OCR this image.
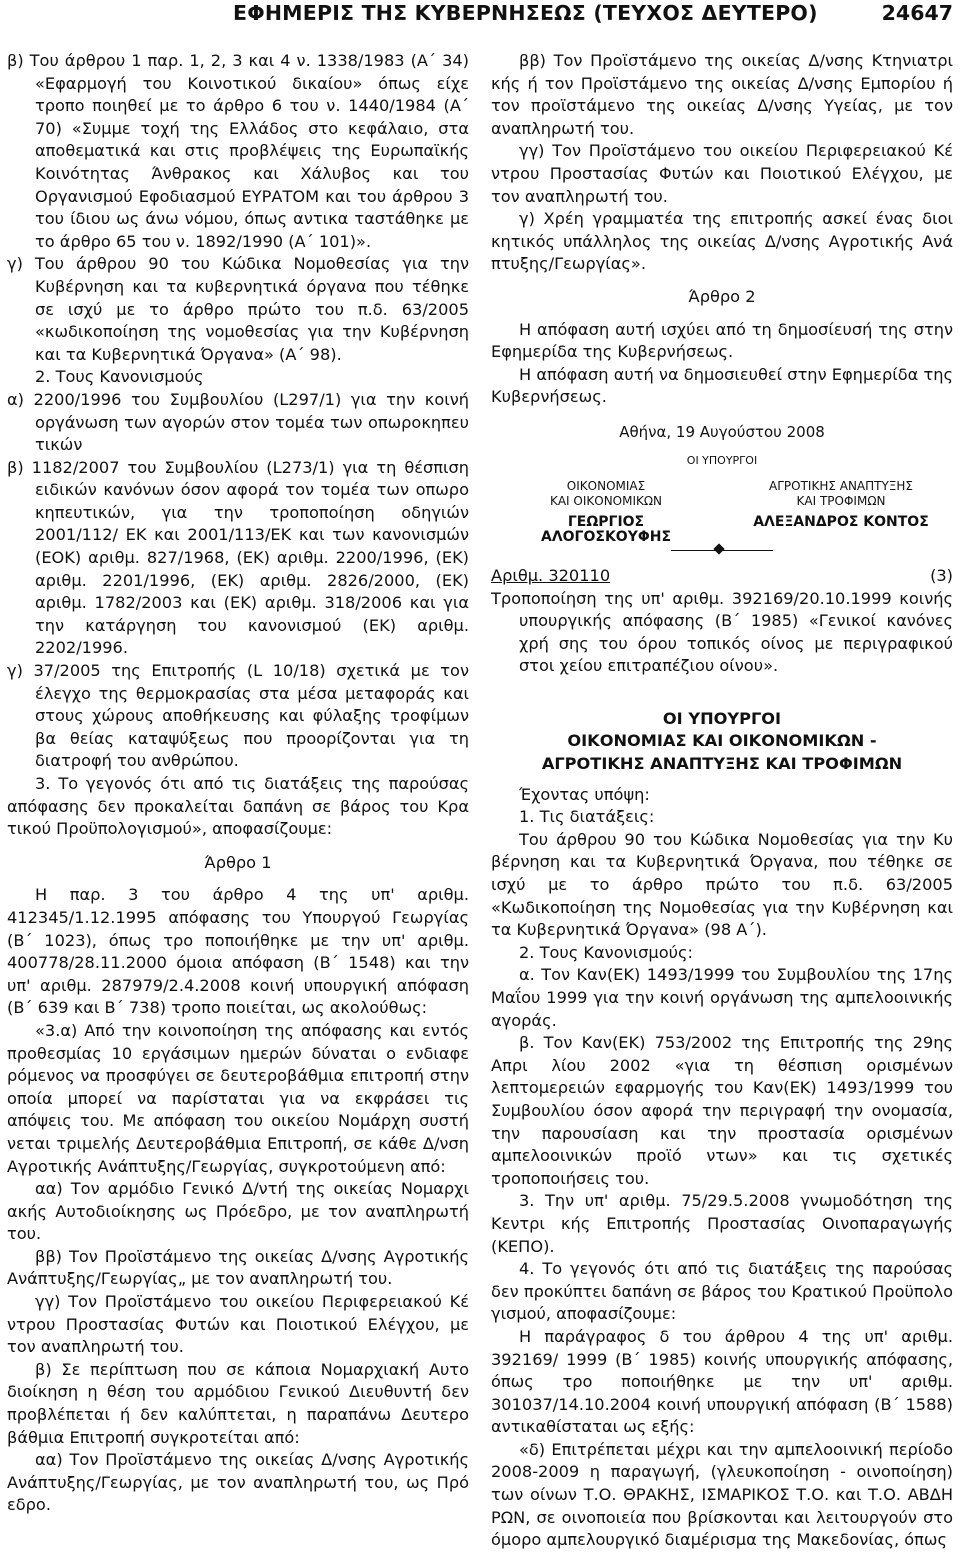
ΕΦΗΜΕΡΙΣ ΤΗΣ ΚΥΒΕΡΝΗΣΕΩΣ (ΤΕΥΧΟΣ ΔΕΥΤΕΡΟ)	24647
β) Του άρθρου 1 παρ. 1, 2, 3 και 4 ν. 1338/1983 (Α΄ 34) «Εφαρμογή του Κοινοτικού δικαίου» όπως είχε τροπο ποιηθεί με το άρθρο 6 του ν. 1440/1984 (Α΄ 70) «Συμμε τοχή της Ελλάδος στο κεφάλαιο, στα αποθεματικά και στις προβλέψεις της Ευρωπαϊκής Κοινότητας Άνθρακος και Χάλυβος και του Οργανισμού Εφοδιασμού ΕΥΡΑΤΟΜ και του άρθρου 3 του ίδιου ως άνω νόμου, όπως αντικα ταστάθηκε με το άρθρο 65 του ν. 1892/1990 (Α΄ 101)».
γ) Του άρθρου 90 του Κώδικα Νομοθεσίας για την Κυβέρνηση και τα κυβερνητικά όργανα που τέθηκε σε ισχύ με το άρθρο πρώτο του π.δ. 63/2005 «κωδικοποίηση της νομοθεσίας για την Κυβέρνηση και τα Κυβερνητικά Όργανα» (Α΄ 98).
2. Τους Κανονισμούς
α) 2200/1996 του Συμβουλίου (L297/1) για την κοινή οργάνωση των αγορών στον τομέα των οπωροκηπευ τικών
β) 1182/2007 του Συμβουλίου (L273/1) για τη θέσπιση ειδικών κανόνων όσον αφορά τον τομέα των οπωρο κηπευτικών, για την τροποποίηση οδηγιών 2001/112/ ΕΚ και 2001/113/ΕΚ και των κανονισμών (ΕΟΚ) αριθμ. 827/1968, (ΕΚ) αριθμ. 2200/1996, (ΕΚ) αριθμ. 2201/1996, (ΕΚ) αριθμ. 2826/2000, (ΕΚ) αριθμ. 1782/2003 και (ΕΚ) αριθμ. 318/2006 και για την κατάργηση του κανονισμού (ΕΚ) αριθμ. 2202/1996.
γ) 37/2005 της Επιτροπής (L 10/18) σχετικά με τον έλεγχο της θερμοκρασίας στα μέσα μεταφοράς και στους χώρους αποθήκευσης και φύλαξης τροφίμων βα θείας καταψύξεως που προορίζονται για τη διατροφή του ανθρώπου.
3. Το γεγονός ότι από τις διατάξεις της παρούσας απόφασης δεν προκαλείται δαπάνη σε βάρος του Κρα τικού Προϋπολογισμού», αποφασίζουμε:
Άρθρο 1
Η παρ. 3 του άρθρο 4 της υπ' αριθμ. 412345/1.12.1995 απόφασης του Υπουργού Γεωργίας (Β΄ 1023), όπως τρο ποποιήθηκε με την υπ' αριθμ. 400778/28.11.2000 όμοια απόφαση (Β΄ 1548) και την υπ' αριθμ. 287979/2.4.2008 κοινή υπουργική απόφαση (Β΄ 639 και Β΄ 738) τροπο ποιείται, ως ακολούθως:
«3.α) Από την κοινοποίηση της απόφασης και εντός προθεσμίας 10 εργάσιμων ημερών δύναται ο ενδιαφε ρόμενος να προσφύγει σε δευτεροβάθμια επιτροπή στην οποία μπορεί να παρίσταται για να εκφράσει τις απόψεις του. Με απόφαση του οικείου Νομάρχη συστή νεται τριμελής Δευτεροβάθμια Επιτροπή, σε κάθε Δ/νση Αγροτικής Ανάπτυξης/Γεωργίας, συγκροτούμενη από:
αα) Τον αρμόδιο Γενικό Δ/ντή της οικείας Νομαρχι ακής Αυτοδιοίκησης ως Πρόεδρο, με τον αναπληρωτή του.
ββ) Τον Προϊστάμενο της οικείας Δ/νσης Αγροτικής Ανάπτυξης/Γεωργίας„ με τον αναπληρωτή του.
γγ) Τον Προϊστάμενο του οικείου Περιφερειακού Κέ ντρου Προστασίας Φυτών και Ποιοτικού Ελέγχου, με τον αναπληρωτή του.
β) Σε περίπτωση που σε κάποια Νομαρχιακή Αυτο διοίκηση η θέση του αρμόδιου Γενικού Διευθυντή δεν προβλέπεται ή δεν καλύπτεται, η παραπάνω Δευτερο βάθμια Επιτροπή συγκροτείται από:
αα) Τον Προϊστάμενο της οικείας Δ/νσης Αγροτικής Ανάπτυξης/Γεωργίας, με τον αναπληρωτή του, ως Πρό εδρο.
ββ) Τον Προϊστάμενο της οικείας Δ/νσης Κτηνιατρι κής ή τον Προϊστάμενο της οικείας Δ/νσης Εμπορίου ή τον προϊστάμενο της οικείας Δ/νσης Υγείας, με τον αναπληρωτή του.
γγ) Τον Προϊστάμενο του οικείου Περιφερειακού Κέ ντρου Προστασίας Φυτών και Ποιοτικού Ελέγχου, με τον αναπληρωτή του.
γ) Χρέη γραμματέα της επιτροπής ασκεί ένας διοι κητικός υπάλληλος της οικείας Δ/νσης Αγροτικής Ανά πτυξης/Γεωργίας».
Άρθρο 2
Η απόφαση αυτή ισχύει από τη δημοσίευσή της στην Εφημερίδα της Κυβερνήσεως.
Η απόφαση αυτή να δημοσιευθεί στην Εφημερίδα της Κυβερνήσεως.
Αθήνα, 19 Αυγούστου 2008
ΟΙ ΥΠΟΥΡΓΟΙ
ΟΙΚΟΝΟΜΙΑΣ
ΚΑΙ ΟΙΚΟΝΟΜΙΚΩΝ
ΓΕΩΡΓΙΟΣ ΑΛΟΓΟΣΚΟΥΦΗΣ
ΑΓΡΟΤΙΚΗΣ ΑΝΑΠΤΥΞΗΣ
ΚΑΙ ΤΡΟΦΙΜΩΝ
ΑΛΕΞΑΝΔΡΟΣ ΚΟΝΤΟΣ
Αριθμ. 320110	(3)
Τροποποίηση της υπ' αριθμ. 392169/20.10.1999 κοινής υπουργικής απόφασης (Β΄ 1985) «Γενικοί κανόνες χρή σης του όρου τοπικός οίνος με περιγραφικού στοι χείου επιτραπέζιου οίνου».
ΟΙ ΥΠΟΥΡΓΟΙ
ΟΙΚΟΝΟΜΙΑΣ ΚΑΙ ΟΙΚΟΝΟΜΙΚΩΝ -
ΑΓΡΟΤΙΚΗΣ ΑΝΑΠΤΥΞΗΣ ΚΑΙ ΤΡΟΦΙΜΩΝ
Έχοντας υπόψη:
1. Τις διατάξεις:
Του άρθρου 90 του Κώδικα Νομοθεσίας για την Κυ βέρνηση και τα Κυβερνητικά Όργανα, που τέθηκε σε ισχύ με το άρθρο πρώτο του π.δ. 63/2005 «Κωδικοποίηση της Νομοθεσίας για την Κυβέρνηση και τα Κυβερνητικά Όργανα» (98 Α΄).
2. Τους Κανονισμούς:
α. Τον Καν(ΕΚ) 1493/1999 του Συμβουλίου της 17ης Μαΐου 1999 για την κοινή οργάνωση της αμπελοοινικής αγοράς.
β. Τον Καν(ΕΚ) 753/2002 της Επιτροπής της 29ης Απρι λίου 2002 «για τη θέσπιση ορισμένων λεπτομερειών εφαρμογής του Καν(ΕΚ) 1493/1999 του Συμβουλίου όσον αφορά την περιγραφή την ονομασία, την παρουσίαση και την προστασία ορισμένων αμπελοοινικών προϊό ντων» και τις σχετικές τροποποιήσεις του.
3. Την υπ' αριθμ. 75/29.5.2008 γνωμοδότηση της Κεντρι κής Επιτροπής Προστασίας Οινοπαραγωγής (ΚΕΠΟ).
4. Το γεγονός ότι από τις διατάξεις της παρούσας δεν προκύπτει δαπάνη σε βάρος του Κρατικού Προϋπολο γισμού, αποφασίζουμε:
Η παράγραφος δ του άρθρου 4 της υπ' αριθμ. 392169/ 1999 (Β΄ 1985) κοινής υπουργικής απόφασης, όπως τρο ποποιήθηκε με την υπ' αριθμ. 301037/14.10.2004 κοινή υπουργική απόφαση (Β΄ 1588) αντικαθίσταται ως εξής:
«δ) Επιτρέπεται μέχρι και την αμπελοοινική περίοδο 2008-2009 η παραγωγή, (γλευκοποίηση - οινοποίηση) των οίνων Τ.Ο. ΘΡΑΚΗΣ, ΙΣΜΑΡΙΚΟΣ Τ.Ο. και Τ.Ο. ΑΒΔΗ ΡΩΝ, σε οινοποιεία που βρίσκονται και λειτουργούν στο όμορο αμπελουργικό διαμέρισμα της Μακεδονίας, όπως
